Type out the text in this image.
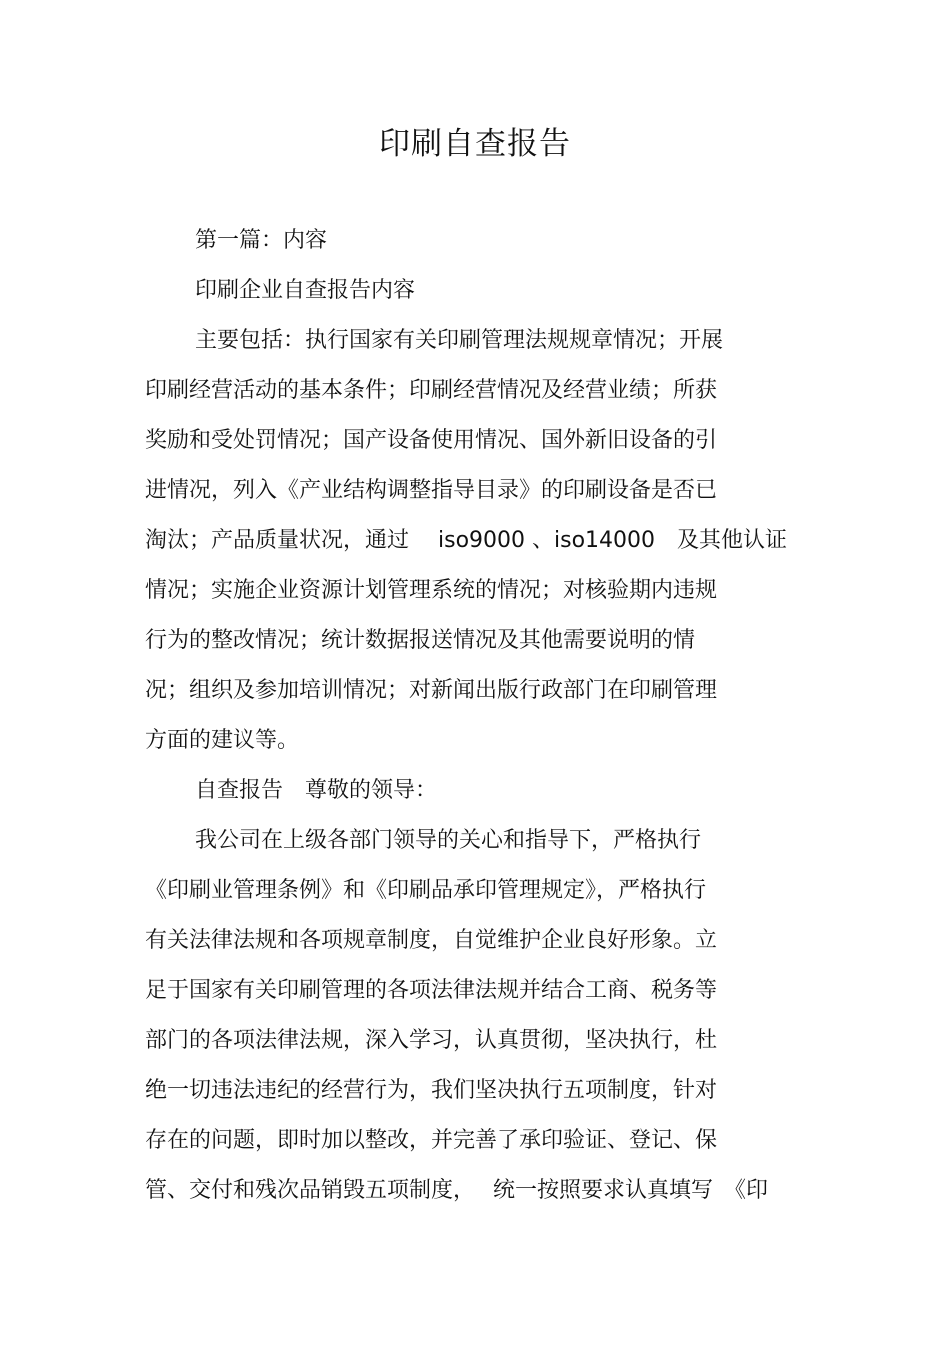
印刷自查报告

第一篇：内容

印刷企业自查报告内容

主要包括：执行国家有关印刷管理法规规章情况；开展

印刷经营活动的基本条件；印刷经营情况及经营业绩；所获

奖励和受处罚情况；国产设备使用情况、国外新旧设备的引

进情况，列入《产业结构调整指导目录》的印刷设备是否已

淘汰；产品质量状况，通过　 iso9000 、iso14000　及其他认证

情况；实施企业资源计划管理系统的情况；对核验期内违规

行为的整改情况；统计数据报送情况及其他需要说明的情

况；组织及参加培训情况；对新闻出版行政部门在印刷管理

方面的建议等。

自查报告　尊敬的领导：

我公司在上级各部门领导的关心和指导下，严格执行

《印刷业管理条例》和《印刷品承印管理规定》，严格执行

有关法律法规和各项规章制度，自觉维护企业良好形象。立

足于国家有关印刷管理的各项法律法规并结合工商、税务等

部门的各项法律法规，深入学习，认真贯彻，坚决执行，杜

绝一切违法违纪的经营行为，我们坚决执行五项制度，针对

存在的问题，即时加以整改，并完善了承印验证、登记、保

管、交付和残次品销毁五项制度，　 统一按照要求认真填写　《印
